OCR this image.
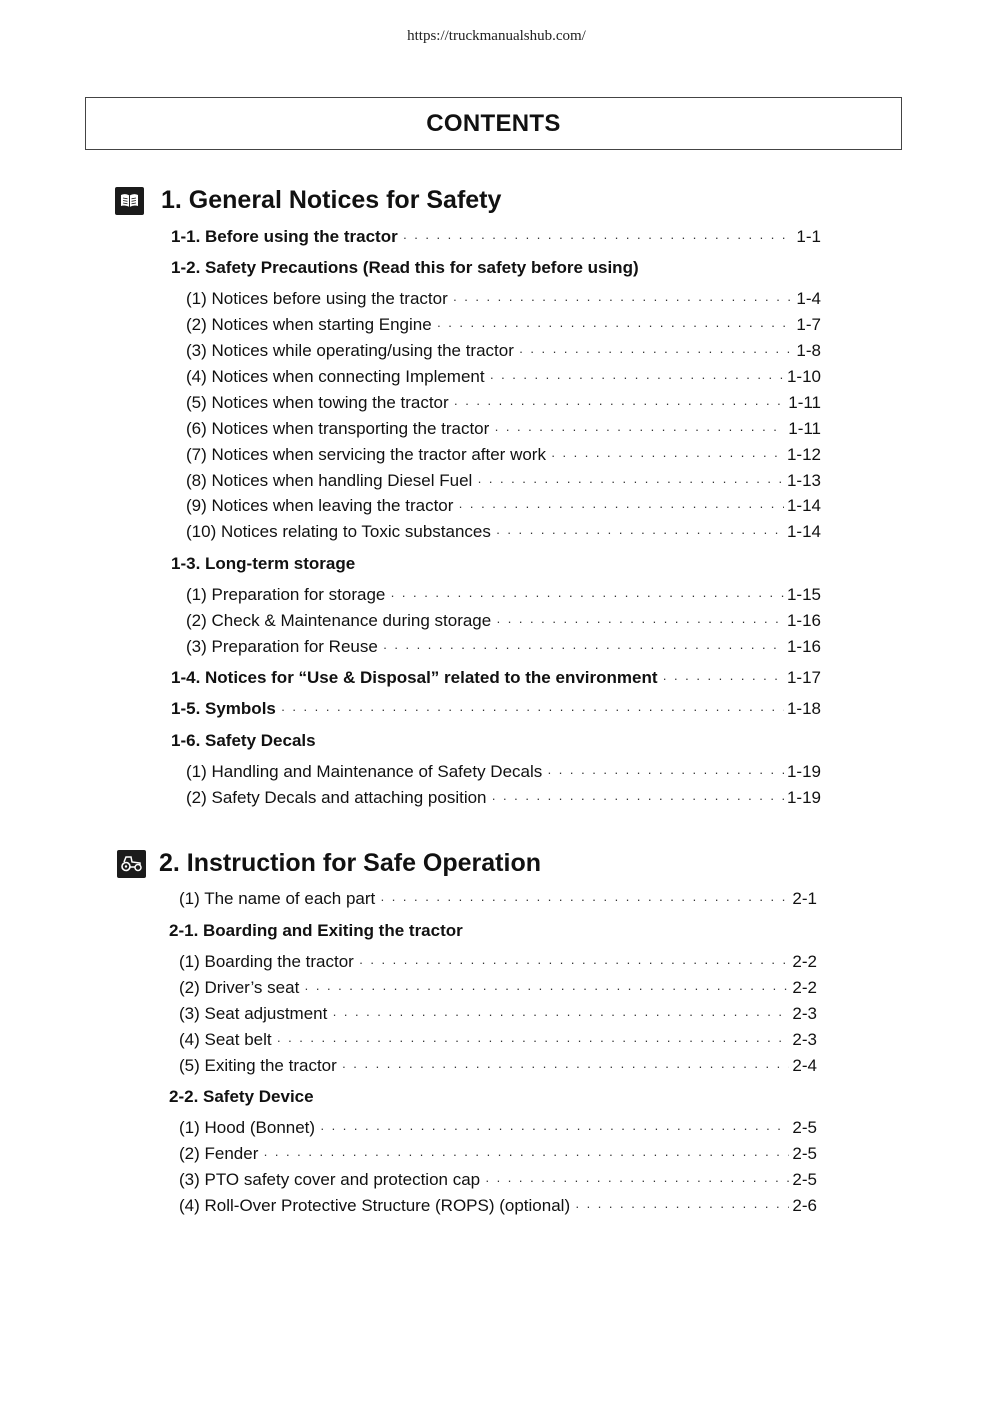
https://truckmanualshub.com/
CONTENTS
1. General Notices for Safety
1-1. Before using the tractor · · ·	1-1
1-2. Safety Precautions (Read this for safety before using)
(1) Notices before using the tractor · · ·	1-4
(2) Notices when starting Engine · · ·	1-7
(3) Notices while operating/using the tractor · · ·	1-8
(4) Notices when connecting Implement · · ·	1-10
(5) Notices when towing the tractor · · ·	1-11
(6) Notices when transporting the tractor · · ·	1-11
(7) Notices when servicing the tractor after work · · ·	1-12
(8) Notices when handling Diesel Fuel · · ·	1-13
(9) Notices when leaving the tractor · · ·	1-14
(10) Notices relating to Toxic substances · · ·	1-14
1-3. Long-term storage
(1) Preparation for storage · · ·	1-15
(2) Check & Maintenance during storage · · ·	1-16
(3) Preparation for Reuse · · ·	1-16
1-4. Notices for “Use & Disposal” related to the environment · · ·	1-17
1-5. Symbols · · ·	1-18
1-6. Safety Decals
(1) Handling and Maintenance of Safety Decals · · ·	1-19
(2) Safety Decals and attaching position · · ·	1-19
2. Instruction for Safe Operation
(1) The name of each part · · ·	2-1
2-1. Boarding and Exiting the tractor
(1) Boarding the tractor · · ·	2-2
(2) Driver’s seat · · ·	2-2
(3) Seat adjustment · · ·	2-3
(4) Seat belt · · ·	2-3
(5) Exiting the tractor · · ·	2-4
2-2. Safety Device
(1) Hood (Bonnet) · · ·	2-5
(2) Fender · · ·	2-5
(3) PTO safety cover and protection cap · · ·	2-5
(4) Roll-Over Protective Structure (ROPS) (optional) · · ·	2-6
